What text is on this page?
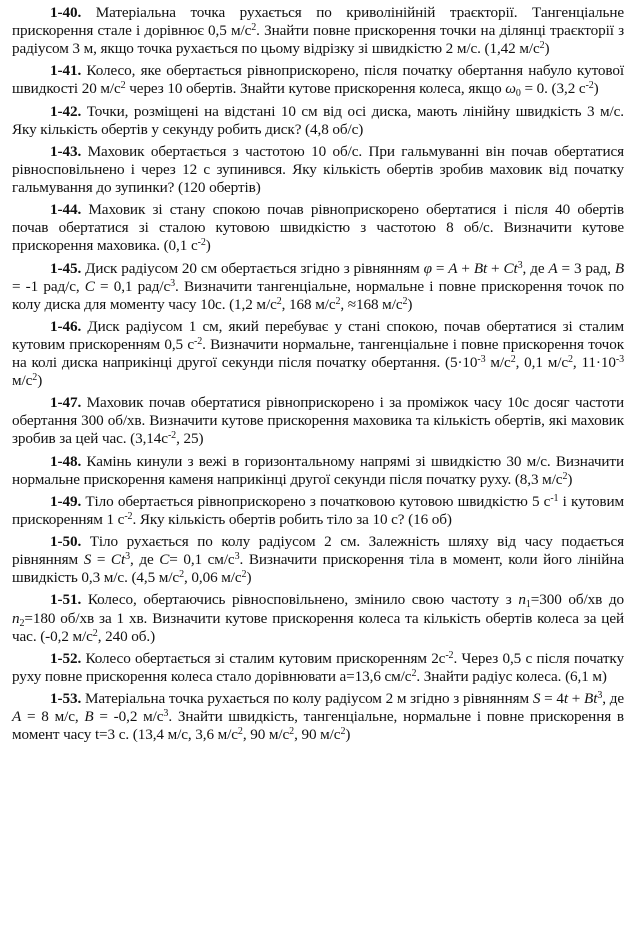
1-40. Матеріальна точка рухається по криволінійній траєкторії. Тангенціальне прискорення стале і дорівнює 0,5 $м/с^2$. Знайти повне прискорення точки на ділянці траєкторії з радіусом 3 м, якщо точка рухається по цьому відрізку зі швидкістю 2 м/с. (1,42 $м/с^2$)
1-41. Колесо, яке обертається рівноприскорено, після початку обертання набуло кутової швидкості 20 $м/с^2$ через 10 обертів. Знайти кутове прискорення колеса, якщо $\omega_0 = 0$. (3,2 $с^{-2}$)
1-42. Точки, розміщені на відстані 10 см від осі диска, мають лінійну швидкість 3 м/с. Яку кількість обертів у секунду робить диск? (4,8 об/с)
1-43. Маховик обертається з частотою 10 об/с. При гальмуванні він почав обертатися рівносповільнено і через 12 с зупинився. Яку кількість обертів зробив маховик від початку гальмування до зупинки? (120 обертів)
1-44. Маховик зі стану спокою почав рівноприскорено обертатися і після 40 обертів почав обертатися зі сталою кутовою швидкістю з частотою 8 об/с. Визначити кутове прискорення маховика. (0,1 $с^{-2}$)
1-45. Диск радіусом 20 см обертається згідно з рівнянням $\varphi = A + Bt + Ct^3$, де A = 3 рад, B = -1 рад/с, C = 0,1 рад/$с^3$. Визначити тангенціальне, нормальне і повне прискорення точок по колу диска для моменту часу 10с. (1,2 $м/с^2$, 168 $м/с^2$, ≈168 $м/с^2$)
1-46. Диск радіусом 1 см, який перебуває у стані спокою, почав обертатися зі сталим кутовим прискоренням 0,5 $с^{-2}$. Визначити нормальне, тангенціальне і повне прискорення точок на колі диска наприкінці другої секунди після початку обертання. ($5\cdot 10^{-3}$ $м/с^2$, 0,1 $м/с^2$, $11\cdot 10^{-3}$ $м/с^2$)
1-47. Маховик почав обертатися рівноприскорено і за проміжок часу 10с досяг частоти обертання 300 об/хв. Визначити кутове прискорення маховика та кількість обертів, які маховик зробив за цей час. ($3,14с^{-2}$, 25)
1-48. Камінь кинули з вежі в горизонтальному напрямі зі швидкістю 30 м/с. Визначити нормальне прискорення каменя наприкінці другої секунди після початку руху. (8,3 $м/с^2$)
1-49. Тіло обертається рівноприскорено з початковою кутовою швидкістю 5 $с^{-1}$ і кутовим прискоренням 1 $с^{-2}$. Яку кількість обертів робить тіло за 10 с? (16 об)
1-50. Тіло рухається по колу радіусом 2 см. Залежність шляху від часу подається рівнянням $S = Ct^3$, де C= 0,1 $см/с^3$. Визначити прискорення тіла в момент, коли його лінійна швидкість 0,3 м/с. (4,5 $м/с^2$, 0,06 $м/с^2$)
1-51. Колесо, обертаючись рівносповільнено, змінило свою частоту з $n_1=300$ об/хв до $n_2=180$ об/хв за 1 хв. Визначити кутове прискорення колеса та кількість обертів колеса за цей час. (-0,2 $м/с^2$, 240 об.)
1-52. Колесо обертається зі сталим кутовим прискоренням $2с^{-2}$. Через 0,5 с після початку руху повне прискорення колеса стало дорівнювати а=13,6 $см/с^2$. Знайти радіус колеса. (6,1 м)
1-53. Матеріальна точка рухається по колу радіусом 2 м згідно з рівнянням $S = 4t + Bt^3$, де A = 8 м/с, B = -0,2 $м/с^3$. Знайти швидкість, тангенціальне, нормальне і повне прискорення в момент часу t=3 с. (13,4 м/с, 3,6 $м/с^2$, 90 $м/с^2$, 90 $м/с^2$)
